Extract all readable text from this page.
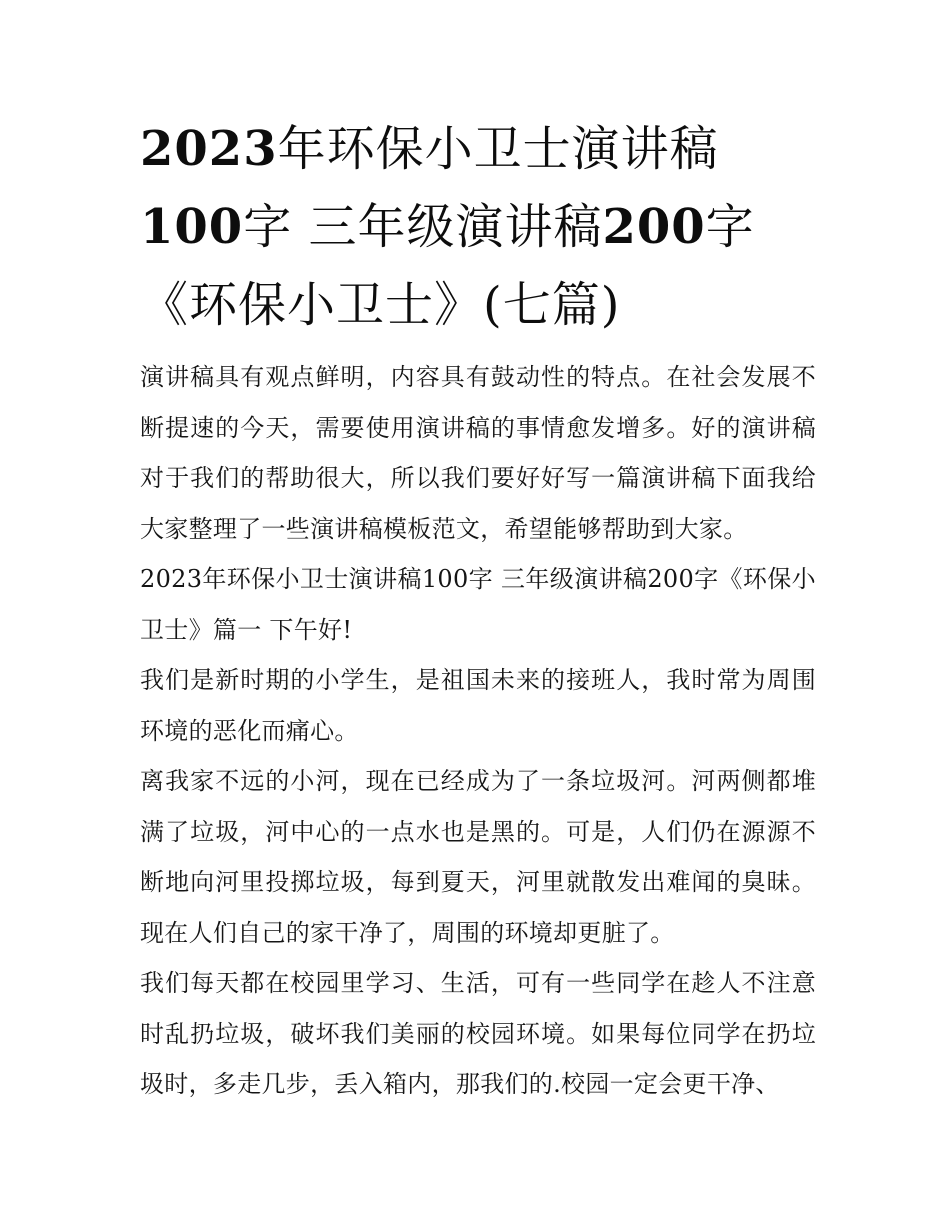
2023年环保小卫士演讲稿100字 三年级演讲稿200字《环保小卫士》(七篇)

演讲稿具有观点鲜明，内容具有鼓动性的特点。在社会发展不断提速的今天，需要使用演讲稿的事情愈发增多。好的演讲稿对于我们的帮助很大，所以我们要好好写一篇演讲稿下面我给大家整理了一些演讲稿模板范文，希望能够帮助到大家。

2023年环保小卫士演讲稿100字 三年级演讲稿200字《环保小卫士》篇一 下午好!

我们是新时期的小学生，是祖国未来的接班人，我时常为周围环境的恶化而痛心。

离我家不远的小河，现在已经成为了一条垃圾河。河两侧都堆满了垃圾，河中心的一点水也是黑的。可是，人们仍在源源不断地向河里投掷垃圾，每到夏天，河里就散发出难闻的臭昧。现在人们自己的家干净了，周围的环境却更脏了。

我们每天都在校园里学习、生活，可有一些同学在趁人不注意时乱扔垃圾，破坏我们美丽的校园环境。如果每位同学在扔垃圾时，多走几步，丢入箱内，那我们的.校园一定会更干净、
